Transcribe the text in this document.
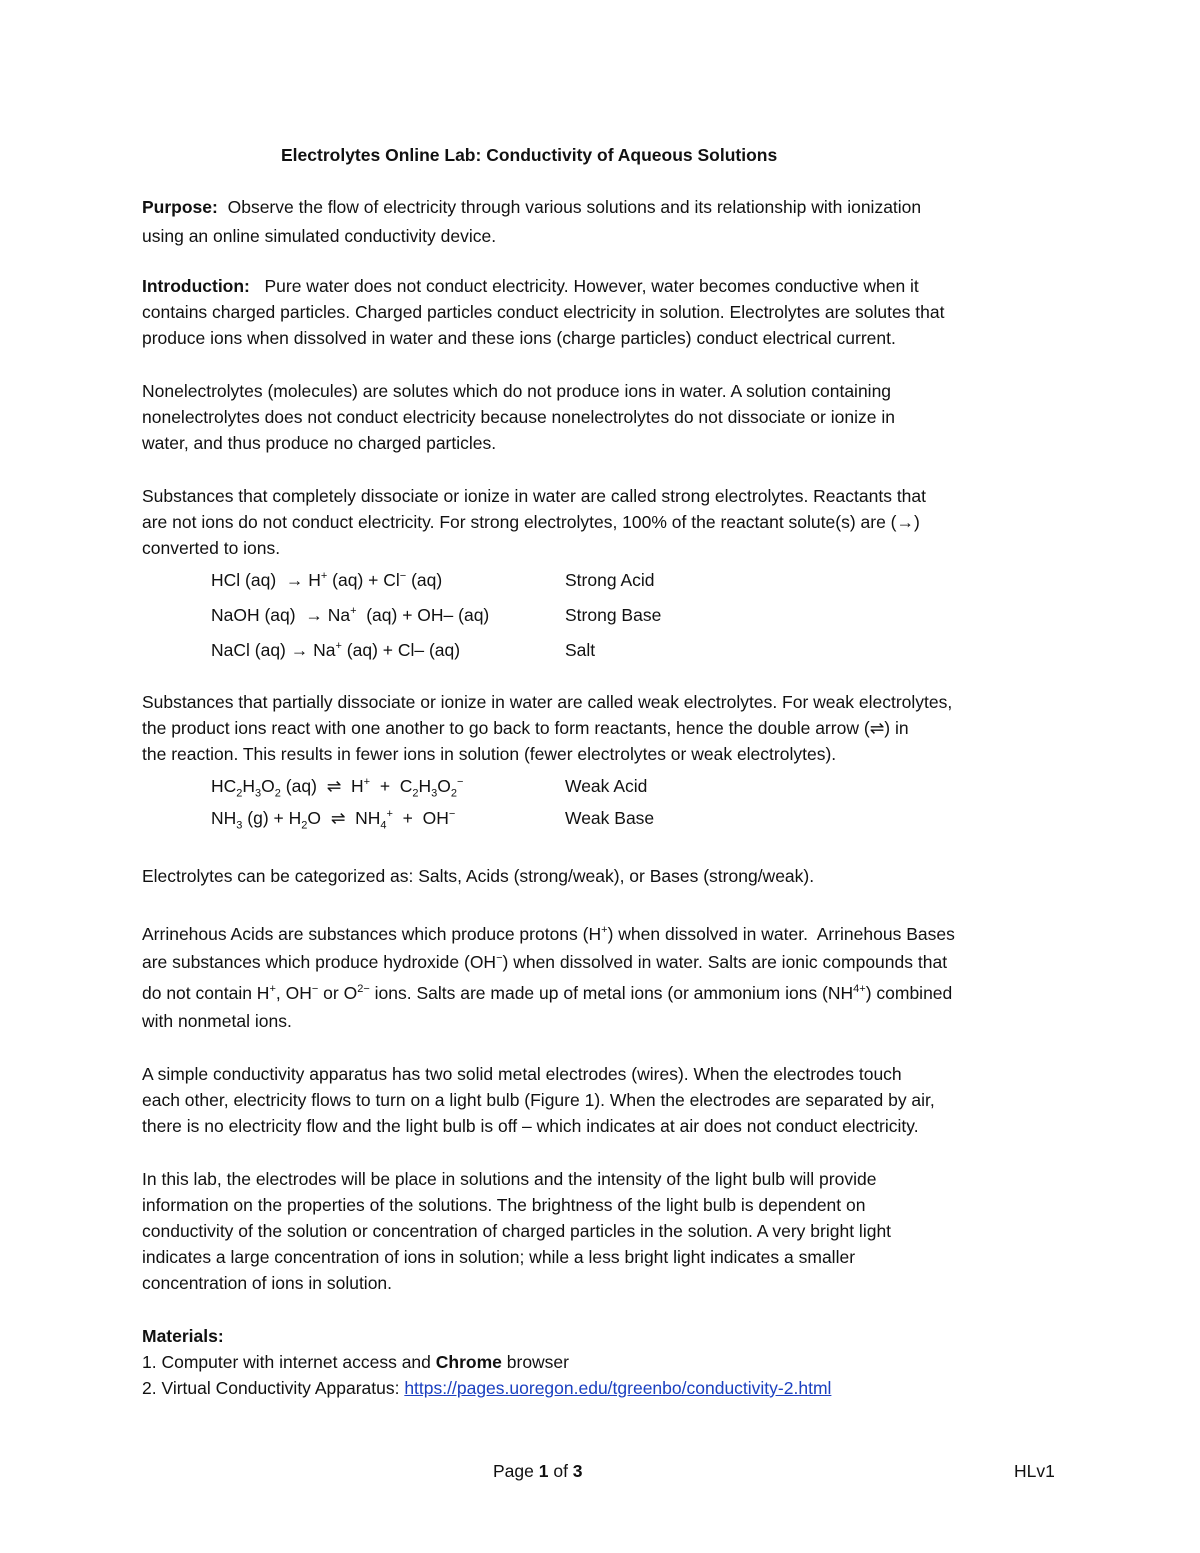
Electrolytes Online Lab: Conductivity of Aqueous Solutions
Purpose: Observe the flow of electricity through various solutions and its relationship with ionization
using an online simulated conductivity device.
Introduction: Pure water does not conduct electricity. However, water becomes conductive when it
contains charged particles. Charged particles conduct electricity in solution. Electrolytes are solutes that
produce ions when dissolved in water and these ions (charge particles) conduct electrical current.
Nonelectrolytes (molecules) are solutes which do not produce ions in water. A solution containing
nonelectrolytes does not conduct electricity because nonelectrolytes do not dissociate or ionize in
water, and thus produce no charged particles.
Substances that completely dissociate or ionize in water are called strong electrolytes. Reactants that
are not ions do not conduct electricity. For strong electrolytes, 100% of the reactant solute(s) are (→)
converted to ions.
HCl (aq)  → H+ (aq) + Cl− (aq)	Strong Acid
NaOH (aq)  → Na+  (aq) + OH– (aq)	Strong Base
NaCl (aq) → Na+ (aq) + Cl– (aq)	Salt
Substances that partially dissociate or ionize in water are called weak electrolytes. For weak electrolytes,
the product ions react with one another to go back to form reactants, hence the double arrow (⇌) in
the reaction. This results in fewer ions in solution (fewer electrolytes or weak electrolytes).
$HC_2H_3O_2$ (aq)  ⇌  $H^+ + C_2H_3O_2^-$	Weak Acid
$NH_3$ $(g) + H_2O$  ⇌  $NH_4^+ + OH^-$	Weak Base
Electrolytes can be categorized as: Salts, Acids (strong/weak), or Bases (strong/weak).
Arrinehous Acids are substances which produce protons (H+) when dissolved in water.  Arrinehous Bases
are substances which produce hydroxide (OH−) when dissolved in water. Salts are ionic compounds that
do not contain H+, OH− or $O^{2-}$ ions. Salts are made up of metal ions (or ammonium ions $(NH^{4+})$ combined
with nonmetal ions.
A simple conductivity apparatus has two solid metal electrodes (wires). When the electrodes touch
each other, electricity flows to turn on a light bulb (Figure 1). When the electrodes are separated by air,
there is no electricity flow and the light bulb is off – which indicates at air does not conduct electricity.
In this lab, the electrodes will be place in solutions and the intensity of the light bulb will provide
information on the properties of the solutions. The brightness of the light bulb is dependent on
conductivity of the solution or concentration of charged particles in the solution. A very bright light
indicates a large concentration of ions in solution; while a less bright light indicates a smaller
concentration of ions in solution.
Materials:
1. Computer with internet access and Chrome browser
2. Virtual Conductivity Apparatus: https://pages.uoregon.edu/tgreenbo/conductivity-2.html
Page 1 of 3	HLv1
